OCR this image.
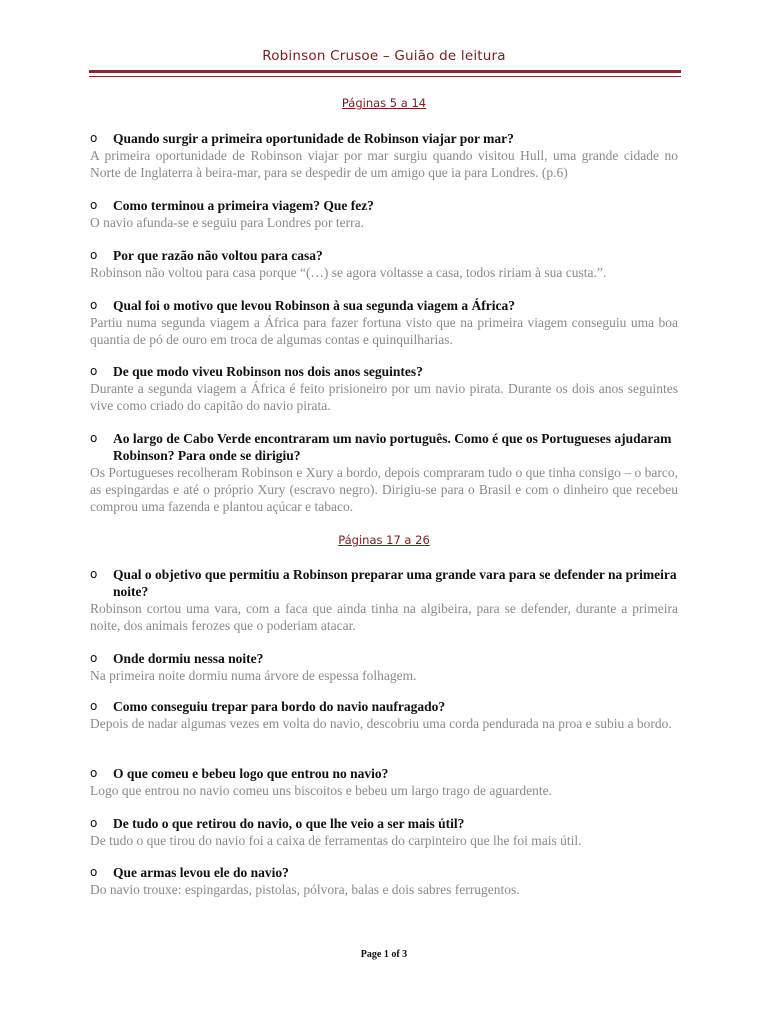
Robinson Crusoe – Guião de leitura
Páginas 5 a 14
o Quando surgir a primeira oportunidade de Robinson viajar por mar?
A primeira oportunidade de Robinson viajar por mar surgiu quando visitou Hull, uma grande cidade no Norte de Inglaterra à beira-mar, para se despedir de um amigo que ia para Londres. (p.6)
o Como terminou a primeira viagem? Que fez?
O navio afunda-se e seguiu para Londres por terra.
o Por que razão não voltou para casa?
Robinson não voltou para casa porque “(…) se agora voltasse a casa, todos ririam à sua custa.”.
o Qual foi o motivo que levou Robinson à sua segunda viagem a África?
Partiu numa segunda viagem a África para fazer fortuna visto que na primeira viagem conseguiu uma boa quantia de pó de ouro em troca de algumas contas e quinquilharias.
o De que modo viveu Robinson nos dois anos seguintes?
Durante a segunda viagem a África é feito prisioneiro por um navio pirata. Durante os dois anos seguintes vive como criado do capitão do navio pirata.
o Ao largo de Cabo Verde encontraram um navio português. Como é que os Portugueses ajudaram Robinson? Para onde se dirigiu?
Os Portugueses recolheram Robinson e Xury a bordo, depois compraram tudo o que tinha consigo – o barco, as espingardas e até o próprio Xury (escravo negro). Dirigiu-se para o Brasil e com o dinheiro que recebeu comprou uma fazenda e plantou açúcar e tabaco.
Páginas 17 a 26
o Qual o objetivo que permitiu a Robinson preparar uma grande vara para se defender na primeira noite?
Robinson cortou uma vara, com a faca que ainda tinha na algibeira, para se defender, durante a primeira noite, dos animais ferozes que o poderiam atacar.
o Onde dormiu nessa noite?
Na primeira noite dormiu numa árvore de espessa folhagem.
o Como conseguiu trepar para bordo do navio naufragado?
Depois de nadar algumas vezes em volta do navio, descobriu uma corda pendurada na proa e subiu a bordo.
o O que comeu e bebeu logo que entrou no navio?
Logo que entrou no navio comeu uns biscoitos e bebeu um largo trago de aguardente.
o De tudo o que retirou do navio, o que lhe veio a ser mais útil?
De tudo o que tirou do navio foi a caixa de ferramentas do carpinteiro que lhe foi mais útil.
o Que armas levou ele do navio?
Do navio trouxe: espingardas, pistolas, pólvora, balas e dois sabres ferrugentos.
Page 1 of 3
